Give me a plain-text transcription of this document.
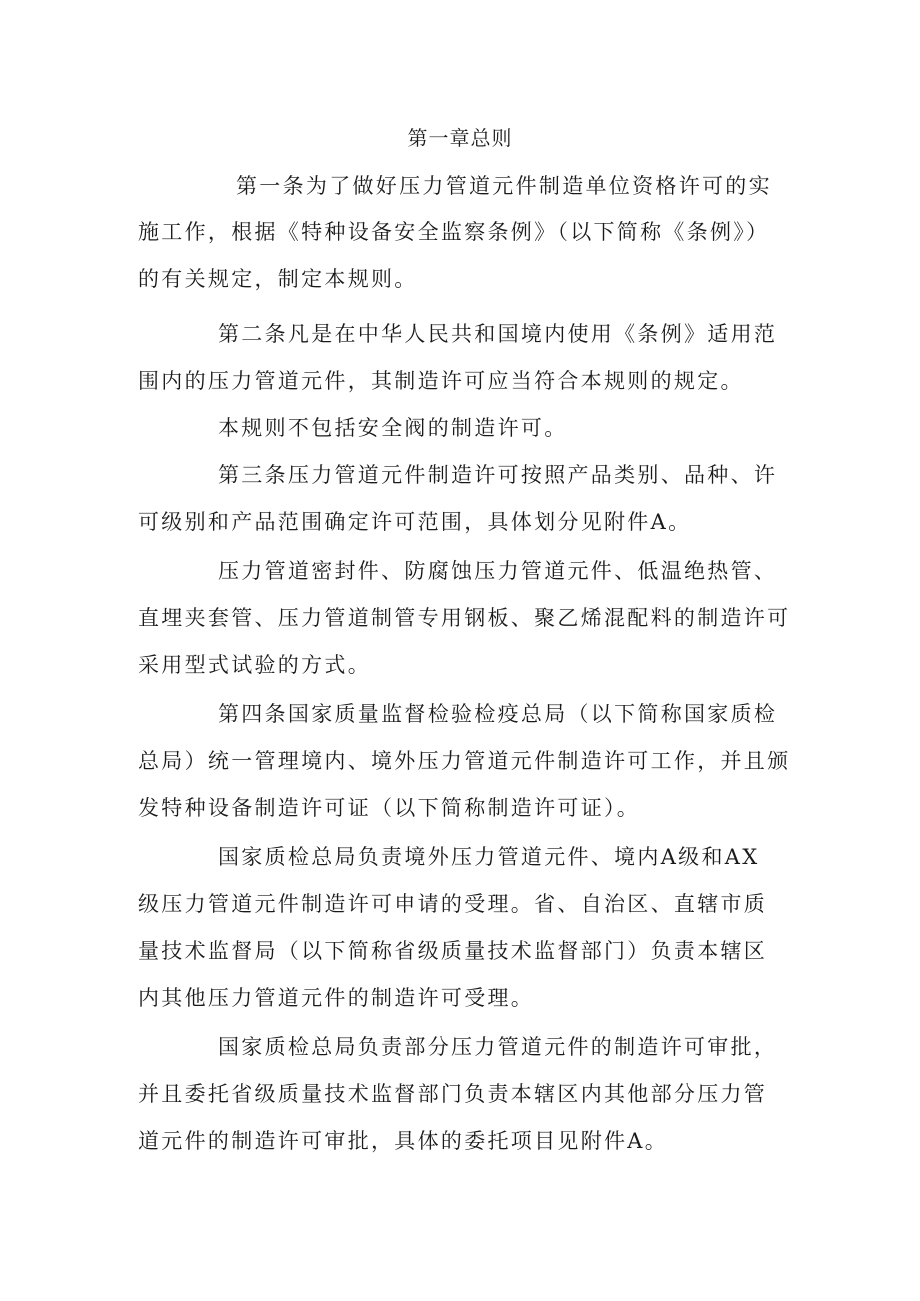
第一章总则
第一条为了做好压力管道元件制造单位资格许可的实
施工作，根据《特种设备安全监察条例》（以下简称《条例》）
的有关规定，制定本规则。
第二条凡是在中华人民共和国境内使用《条例》适用范
围内的压力管道元件，其制造许可应当符合本规则的规定。
本规则不包括安全阀的制造许可。
第三条压力管道元件制造许可按照产品类别、品种、许
可级别和产品范围确定许可范围，具体划分见附件A。
压力管道密封件、防腐蚀压力管道元件、低温绝热管、
直埋夹套管、压力管道制管专用钢板、聚乙烯混配料的制造许可
采用型式试验的方式。
第四条国家质量监督检验检疫总局（以下简称国家质检
总局）统一管理境内、境外压力管道元件制造许可工作，并且颁
发特种设备制造许可证（以下简称制造许可证）。
国家质检总局负责境外压力管道元件、境内A级和AX
级压力管道元件制造许可申请的受理。省、自治区、直辖市质
量技术监督局（以下简称省级质量技术监督部门）负责本辖区
内其他压力管道元件的制造许可受理。
国家质检总局负责部分压力管道元件的制造许可审批，
并且委托省级质量技术监督部门负责本辖区内其他部分压力管
道元件的制造许可审批，具体的委托项目见附件A。
